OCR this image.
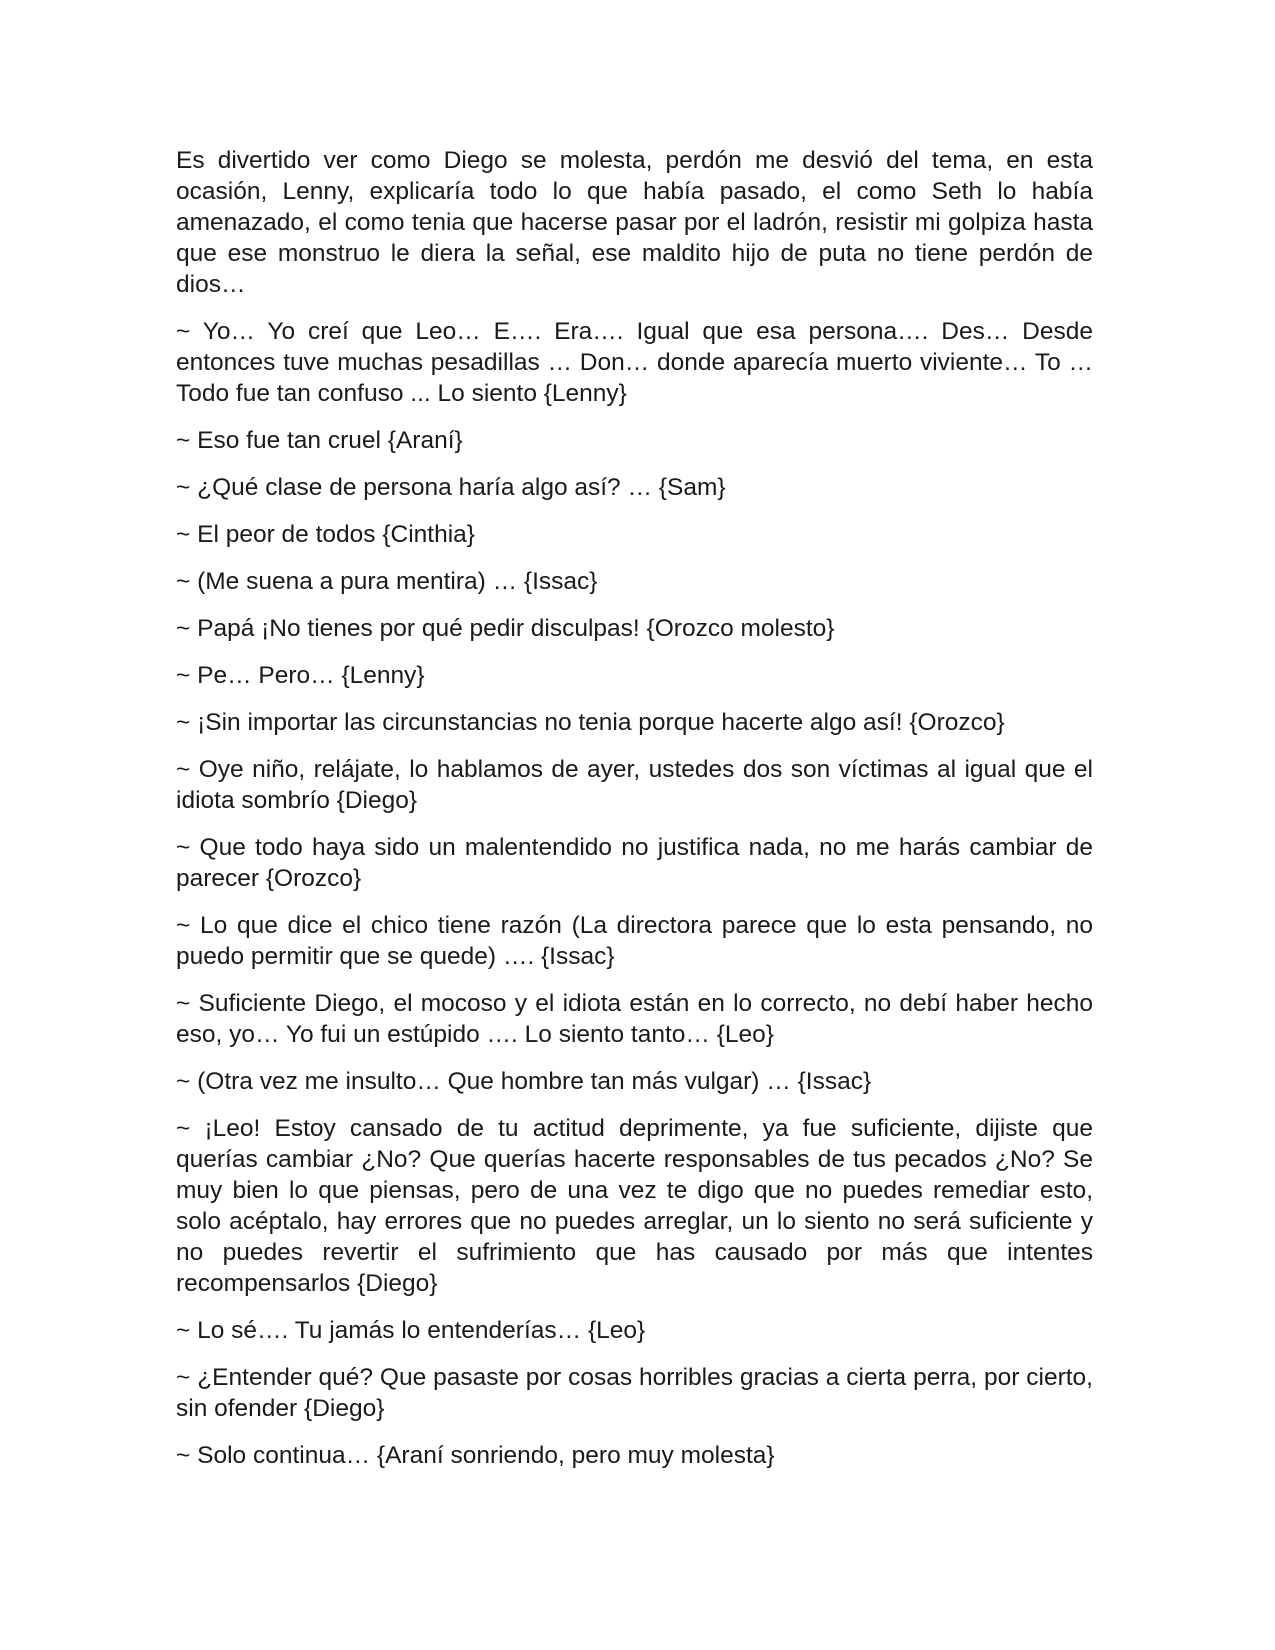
Es divertido ver como Diego se molesta, perdón me desvió del tema, en esta ocasión, Lenny, explicaría todo lo que había pasado, el como Seth lo había amenazado, el como tenia que hacerse pasar por el ladrón, resistir mi golpiza hasta que ese monstruo le diera la señal, ese maldito hijo de puta no tiene perdón de dios…

~ Yo… Yo creí que Leo… E…. Era…. Igual que esa persona…. Des… Desde entonces tuve muchas pesadillas … Don… donde aparecía muerto viviente… To … Todo fue tan confuso ... Lo siento {Lenny}

~ Eso fue tan cruel {Araní}

~ ¿Qué clase de persona haría algo así? … {Sam}

~ El peor de todos {Cinthia}

~ (Me suena a pura mentira) … {Issac}

~ Papá ¡No tienes por qué pedir disculpas! {Orozco molesto}

~ Pe… Pero… {Lenny}

~ ¡Sin importar las circunstancias no tenia porque hacerte algo así! {Orozco}

~ Oye niño, relájate, lo hablamos de ayer, ustedes dos son víctimas al igual que el idiota sombrío {Diego}

~ Que todo haya sido un malentendido no justifica nada, no me harás cambiar de parecer {Orozco}

~ Lo que dice el chico tiene razón (La directora parece que lo esta pensando, no puedo permitir que se quede) …. {Issac}

~ Suficiente Diego, el mocoso y el idiota están en lo correcto, no debí haber hecho eso, yo… Yo fui un estúpido …. Lo siento tanto… {Leo}

~ (Otra vez me insulto… Que hombre tan más vulgar) … {Issac}

~ ¡Leo! Estoy cansado de tu actitud deprimente, ya fue suficiente, dijiste que querías cambiar ¿No? Que querías hacerte responsables de tus pecados ¿No? Se muy bien lo que piensas, pero de una vez te digo que no puedes remediar esto, solo acéptalo, hay errores que no puedes arreglar, un lo siento no será suficiente y no puedes revertir el sufrimiento que has causado por más que intentes recompensarlos {Diego}

~ Lo sé…. Tu jamás lo entenderías… {Leo}

~ ¿Entender qué? Que pasaste por cosas horribles gracias a cierta perra, por cierto, sin ofender {Diego}

~ Solo continua… {Araní sonriendo, pero muy molesta}
